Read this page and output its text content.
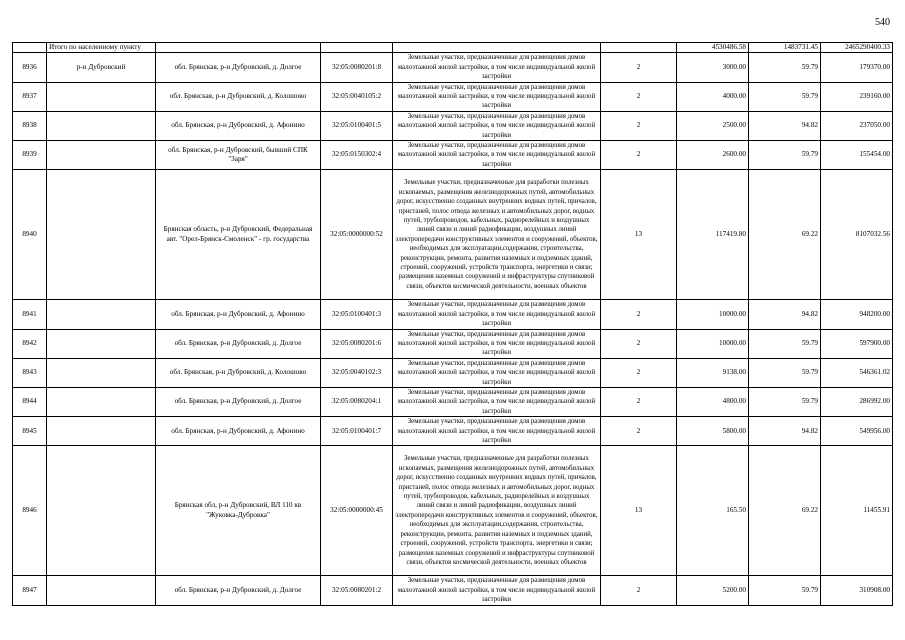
540
	Итого по населенному пункту					4530486.58	1483731.45	2465290400.33
8936	р-н Дубровский	обл. Брянская, р-н Дубровский, д. Долгое	32:05:0080201:8	Земельные участки, предназначенные для размещения домов малоэтажной жилой застройки, в том числе индивидуальной жилой застройки	2	3000.00	59.79	179370.00
8937		обл. Брянская, р-н Дубровский, д. Колошово	32:05:0040105:2	Земельные участки, предназначенные для размещения домов малоэтажной жилой застройки, в том числе индивидуальной жилой застройки	2	4000.00	59.79	239160.00
8938		обл. Брянская, р-н Дубровский, д. Афонино	32:05:0100401:5	Земельные участки, предназначенные для размещения домов малоэтажной жилой застройки, в том числе индивидуальной жилой застройки	2	2500.00	94.82	237050.00
8939		обл. Брянская, р-н Дубровский, бывший СПК "Заря"	32:05:0150302:4	Земельные участки, предназначенные для размещения домов малоэтажной жилой застройки, в том числе индивидуальной жилой застройки	2	2600.00	59.79	155454.00
8940		Брянская область, р-н Дубровский, Федеральная авт. "Орел-Брянск-Смоленск" - гр. государства	32:05:0000000:52	Земельные участки, предназначенные для разработки полезных ископаемых, размещения железнодорожных путей, автомобильных дорог, искусственно созданных внутренних водных путей, причалов, пристаней, полос отвода железных и автомобильных дорог, водных путей, трубопроводов, кабельных, радиорелейных и воздушных линий связи и линий радиофикации, воздушных линий электропередачи конструктивных элементов и сооружений, объектов, необходимых для эксплуатации,содержания, строительства, реконструкции, ремонта, развития наземных и подземных зданий, строений, сооружений, устройств транспорта, энергетики и связи; размещения наземных сооружений и инфраструктуры спутниковой связи, объектов космической деятельности, военных объектов	13	117419.80	69.22	8107032.56
8941		обл. Брянская, р-н Дубровский, д. Афонино	32:05:0100401:3	Земельные участки, предназначенные для размещения домов малоэтажной жилой застройки, в том числе индивидуальной жилой застройки	2	10000.00	94.82	948200.00
8942		обл. Брянская, р-н Дубровский, д. Долгое	32:05:0080201:6	Земельные участки, предназначенные для размещения домов малоэтажной жилой застройки, в том числе индивидуальной жилой застройки	2	10000.00	59.79	597900.00
8943		обл. Брянская, р-н Дубровский, д. Колошово	32:05:0040102:3	Земельные участки, предназначенные для размещения домов малоэтажной жилой застройки, в том числе индивидуальной жилой застройки	2	9138.00	59.79	546361.02
8944		обл. Брянская, р-н Дубровский, д. Долгое	32:05:0080204:1	Земельные участки, предназначенные для размещения домов малоэтажной жилой застройки, в том числе индивидуальной жилой застройки	2	4800.00	59.79	286992.00
8945		обл. Брянская, р-н Дубровский, д. Афонино	32:05:0100401:7	Земельные участки, предназначенные для размещения домов малоэтажной жилой застройки, в том числе индивидуальной жилой застройки	2	5800.00	94.82	549956.00
8946		Брянская обл, р-н Дубровский, ВЛ 110 кв "Жуковка-Дубровка"	32:05:0000000:45	Земельные участки, предназначенные для разработки полезных ископаемых, размещения железнодорожных путей, автомобильных дорог, искусственно созданных внутренних водных путей, причалов, пристаней, полос отвода железных и автомобильных дорог, водных путей, трубопроводов, кабельных, радиорелейных и воздушных линий связи и линий радиофикации, воздушных линий электропередачи конструктивных элементов и сооружений, объектов, необходимых для эксплуатации,содержания, строительства, реконструкции, ремонта, развития наземных и подземных зданий, строений, сооружений, устройств транспорта, энергетики и связи; размещения наземных сооружений и инфраструктуры спутниковой связи, объектов космической деятельности, военных объектов	13	165.50	69.22	11455.91
8947		обл. Брянская, р-н Дубровский, д. Долгое	32:05:0080201:2	Земельные участки, предназначенные для размещения домов малоэтажной жилой застройки, в том числе индивидуальной жилой застройки	2	5200.00	59.79	310908.00
